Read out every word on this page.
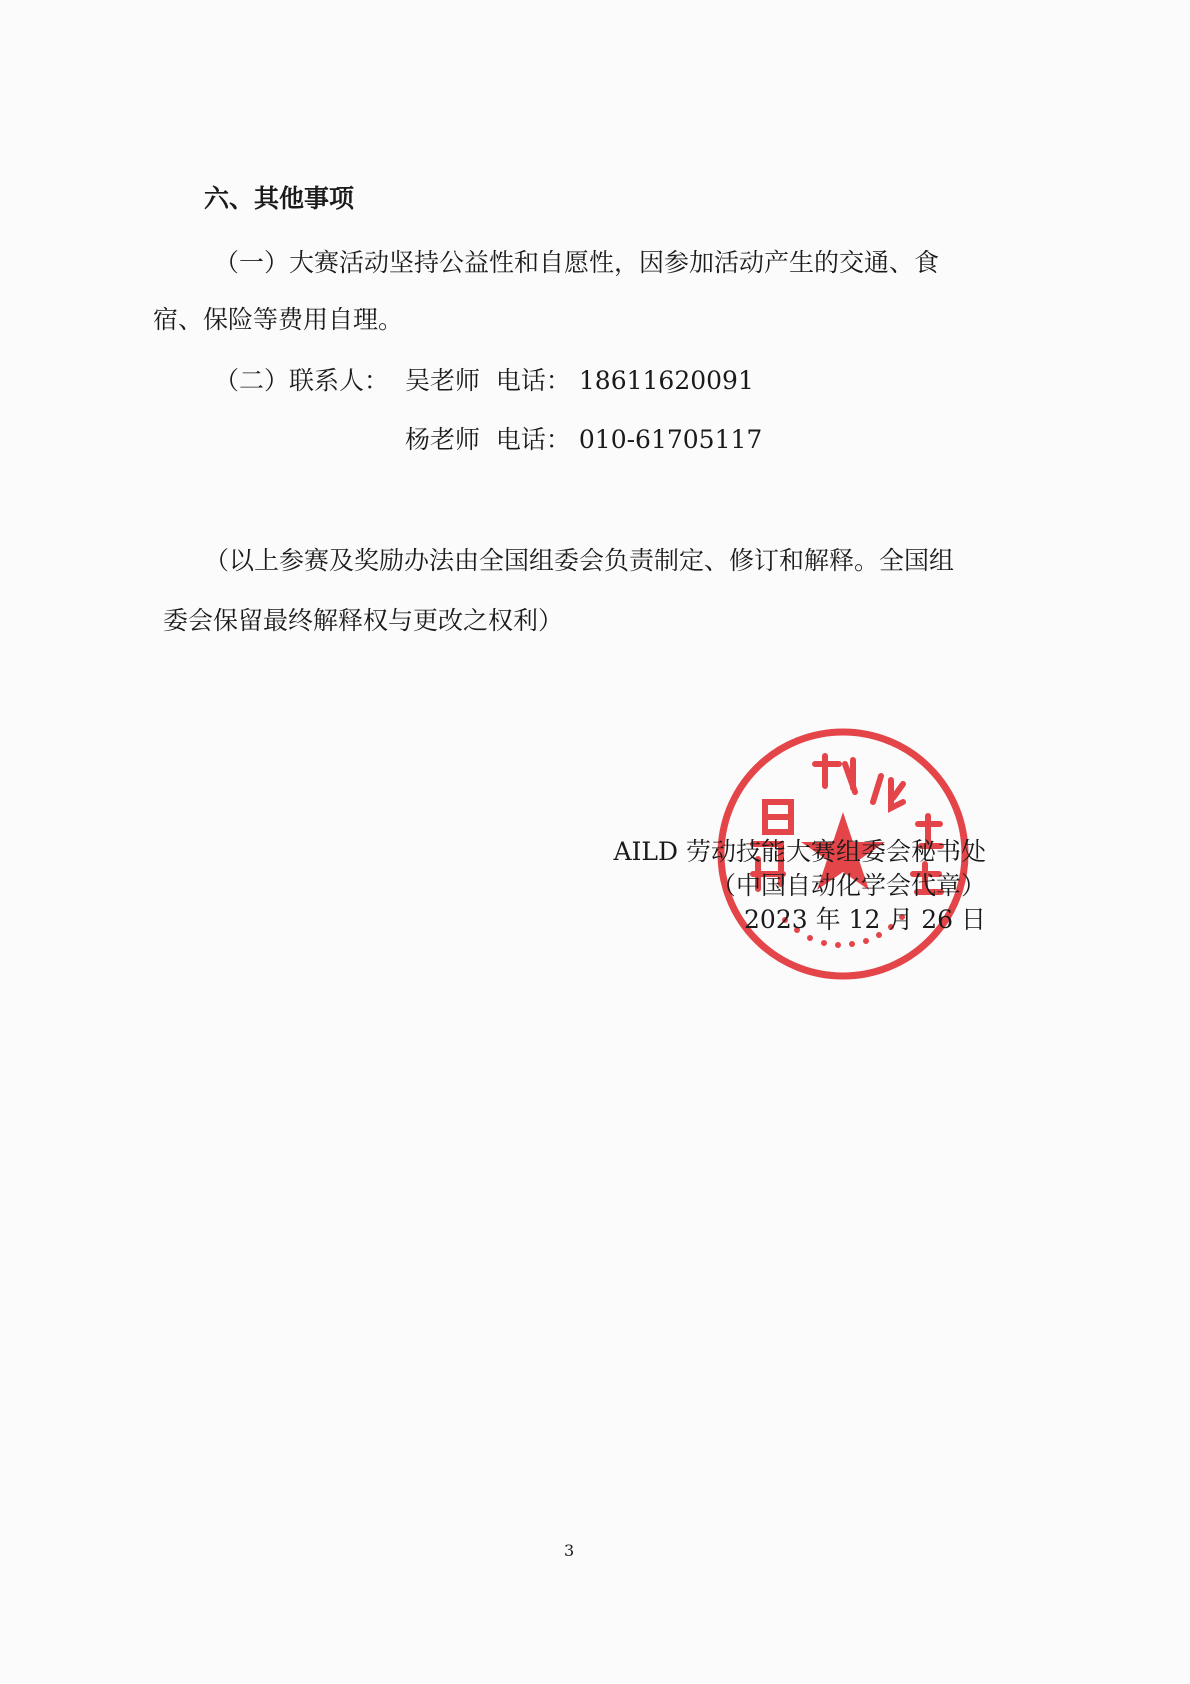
六、其他事项
（一）大赛活动坚持公益性和自愿性，因参加活动产生的交通、食
宿、保险等费用自理。
（二）联系人： 吴老师 电话： 18611620091
杨老师 电话： 010-61705117
（以上参赛及奖励办法由全国组委会负责制定、修订和解释。全国组
委会保留最终解释权与更改之权利）
AILD 劳动技能大赛组委会秘书处
（中国自动化学会代章）
2023 年 12 月 26 日
3
